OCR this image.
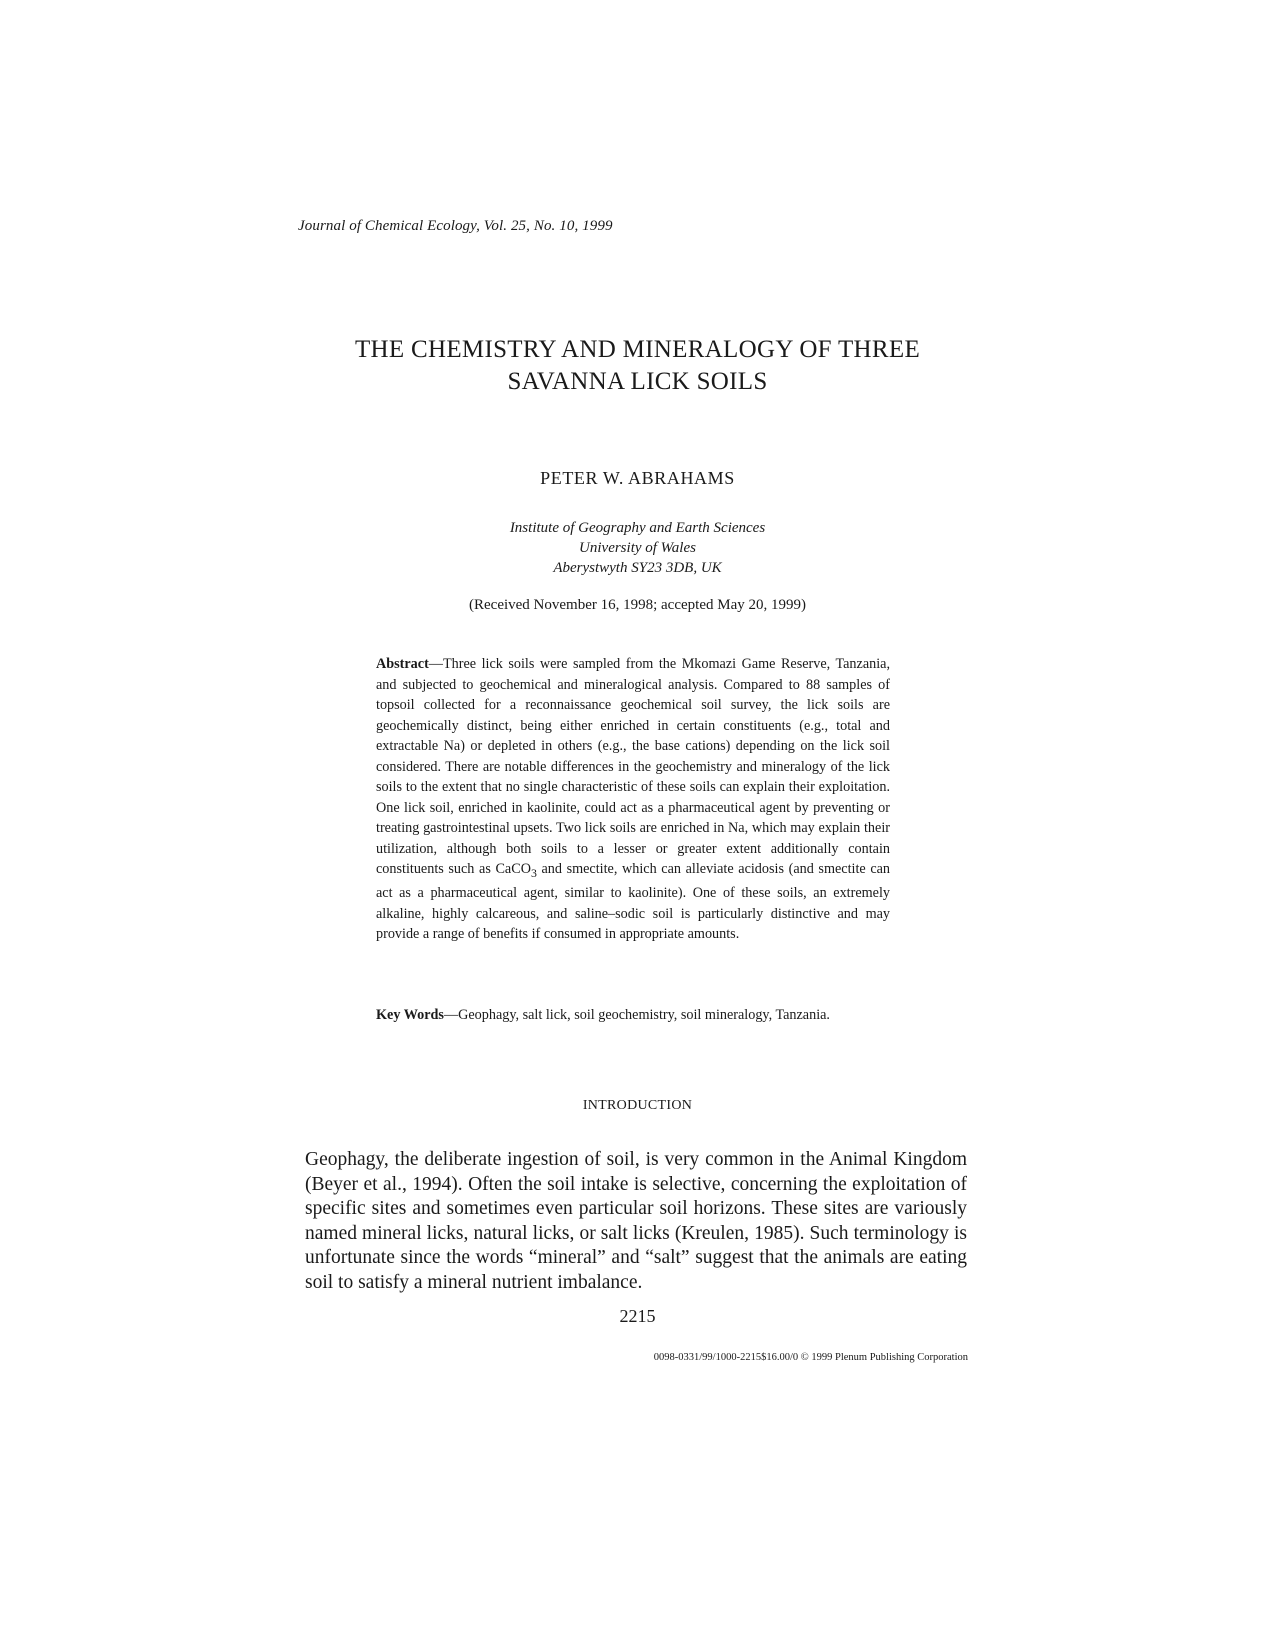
Journal of Chemical Ecology, Vol. 25, No. 10, 1999
THE CHEMISTRY AND MINERALOGY OF THREE
SAVANNA LICK SOILS
PETER W. ABRAHAMS
Institute of Geography and Earth Sciences
University of Wales
Aberystwyth SY23 3DB, UK
(Received November 16, 1998; accepted May 20, 1999)
Abstract—Three lick soils were sampled from the Mkomazi Game Reserve, Tanzania, and subjected to geochemical and mineralogical analysis. Compared to 88 samples of topsoil collected for a reconnaissance geochemical soil survey, the lick soils are geochemically distinct, being either enriched in certain constituents (e.g., total and extractable Na) or depleted in others (e.g., the base cations) depending on the lick soil considered. There are notable differences in the geochemistry and mineralogy of the lick soils to the extent that no single characteristic of these soils can explain their exploitation. One lick soil, enriched in kaolinite, could act as a pharmaceutical agent by preventing or treating gastrointestinal upsets. Two lick soils are enriched in Na, which may explain their utilization, although both soils to a lesser or greater extent additionally contain constituents such as CaCO$_3$ and smectite, which can alleviate acidosis (and smectite can act as a pharmaceutical agent, similar to kaolinite). One of these soils, an extremely alkaline, highly calcareous, and saline–sodic soil is particularly distinctive and may provide a range of benefits if consumed in appropriate amounts.
Key Words—Geophagy, salt lick, soil geochemistry, soil mineralogy, Tanzania.
INTRODUCTION
Geophagy, the deliberate ingestion of soil, is very common in the Animal Kingdom (Beyer et al., 1994). Often the soil intake is selective, concerning the exploitation of specific sites and sometimes even particular soil horizons. These sites are variously named mineral licks, natural licks, or salt licks (Kreulen, 1985). Such terminology is unfortunate since the words “mineral” and “salt” suggest that the animals are eating soil to satisfy a mineral nutrient imbalance.
2215
0098-0331/99/1000-2215$16.00/0 © 1999 Plenum Publishing Corporation
